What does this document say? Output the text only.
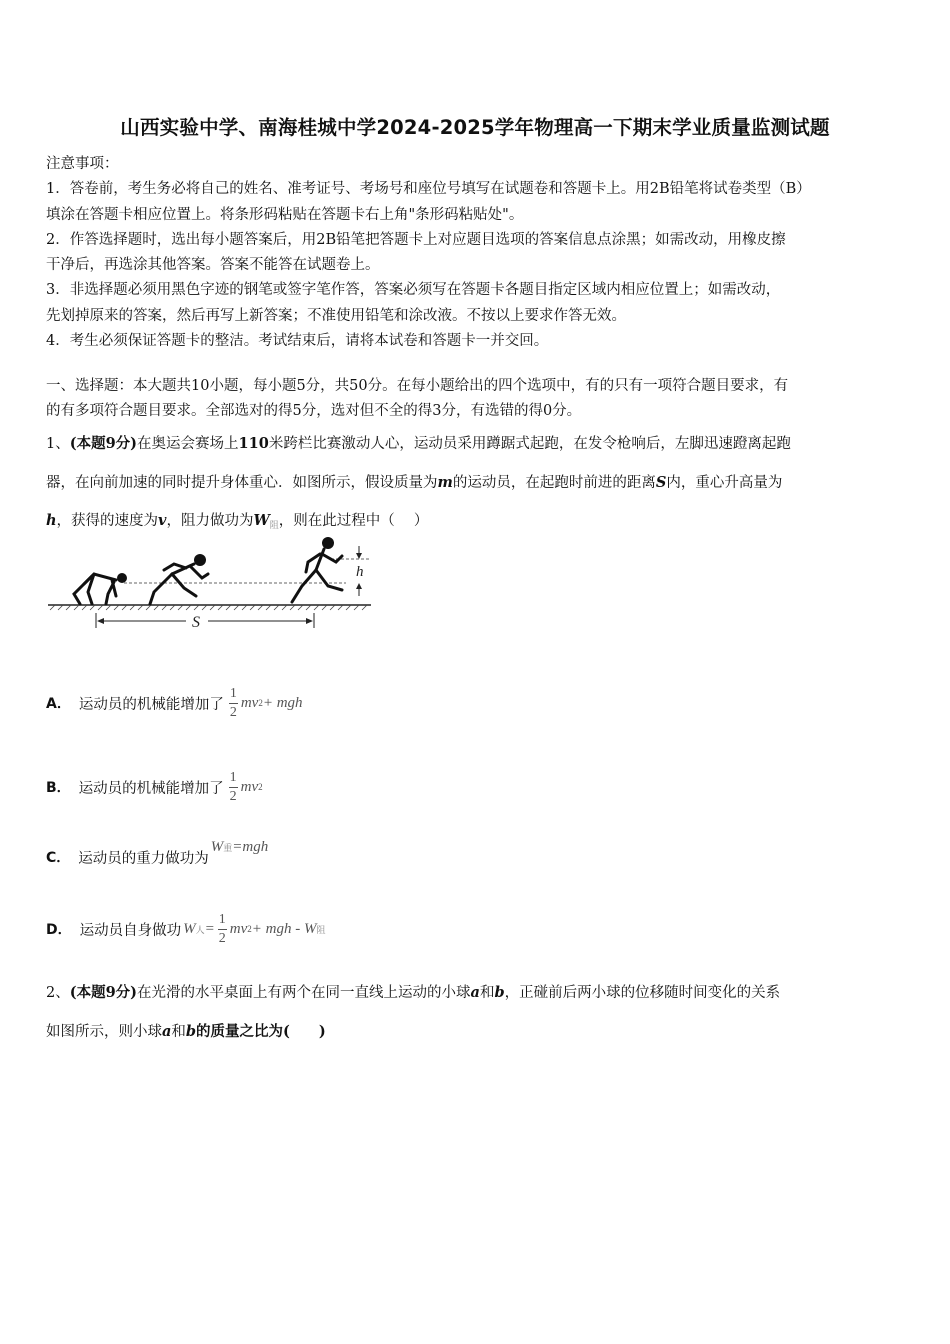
山西实验中学、南海桂城中学2024-2025学年物理高一下期末学业质量监测试题

注意事项：

1．答卷前，考生务必将自己的姓名、准考证号、考场号和座位号填写在试题卷和答题卡上。用2B铅笔将试卷类型（B）

填涂在答题卡相应位置上。将条形码粘贴在答题卡右上角"条形码粘贴处"。

2．作答选择题时，选出每小题答案后，用2B铅笔把答题卡上对应题目选项的答案信息点涂黑；如需改动，用橡皮擦

干净后，再选涂其他答案。答案不能答在试题卷上。

3．非选择题必须用黑色字迹的钢笔或签字笔作答，答案必须写在答题卡各题目指定区域内相应位置上；如需改动，

先划掉原来的答案，然后再写上新答案；不准使用铅笔和涂改液。不按以上要求作答无效。

4．考生必须保证答题卡的整洁。考试结束后，请将本试卷和答题卡一并交回。

一、选择题：本大题共10小题，每小题5分，共50分。在每小题给出的四个选项中，有的只有一项符合题目要求，有

的有多项符合题目要求。全部选对的得5分，选对但不全的得3分，有选错的得0分。

1、(本题9分)在奥运会赛场上110米跨栏比赛激动人心，运动员采用蹲踞式起跑，在发令枪响后，左脚迅速蹬离起跑
器，在向前加速的同时提升身体重心．如图所示，假设质量为m的运动员，在起跑时前进的距离S内，重心升高量为
h，获得的速度为v，阻力做功为$W_阻$，则在此过程中（　 ）

h
S
A． 运动员的机械能增加了 $\frac{1}{2}$ mv 2 + mgh
B． 运动员的机械能增加了 $\frac{1}{2}$ mv 2
C． 运动员的重力做功为
W 重 =mgh
D． 运动员自身做功 W 人 = $\frac{1}{2}$ mv 2 + mgh - W 阻

2、(本题9分)在光滑的水平桌面上有两个在同一直线上运动的小球a和b，正碰前后两小球的位移随时间变化的关系
如图所示，则小球a和b的质量之比为(　　)
